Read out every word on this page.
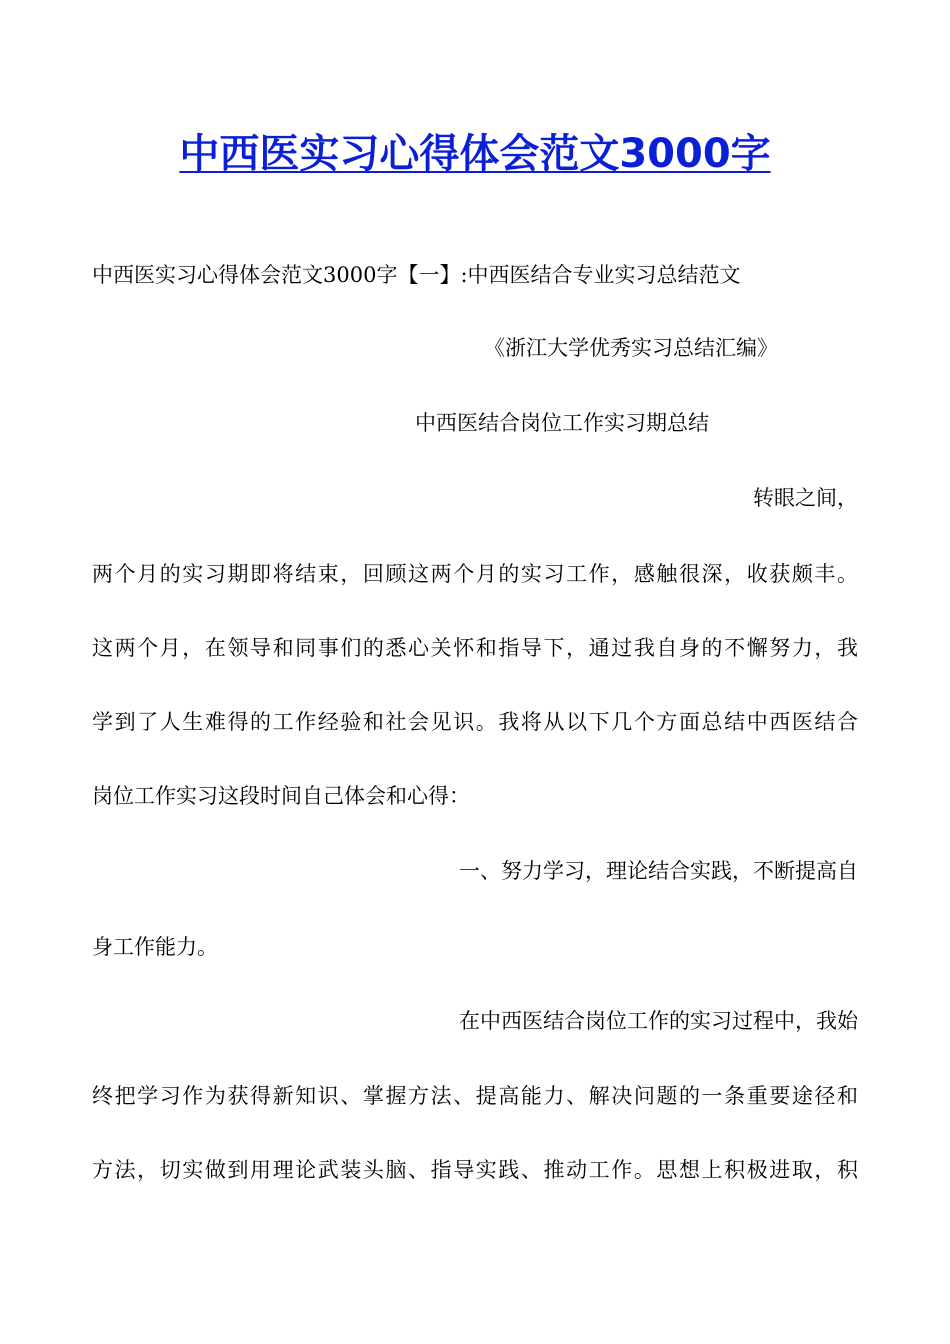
中西医实习心得体会范文3000字
中西医实习心得体会范文3000字【一】:中西医结合专业实习总结范文
《浙江大学优秀实习总结汇编》
中西医结合岗位工作实习期总结
转眼之间，
两个月的实习期即将结束，回顾这两个月的实习工作，感触很深，收获颇丰。
这两个月，在领导和同事们的悉心关怀和指导下，通过我自身的不懈努力，我
学到了人生难得的工作经验和社会见识。我将从以下几个方面总结中西医结合
岗位工作实习这段时间自己体会和心得：
一、努力学习，理论结合实践，不断提高自
身工作能力。
在中西医结合岗位工作的实习过程中，我始
终把学习作为获得新知识、掌握方法、提高能力、解决问题的一条重要途径和
方法，切实做到用理论武装头脑、指导实践、推动工作。思想上积极进取，积
